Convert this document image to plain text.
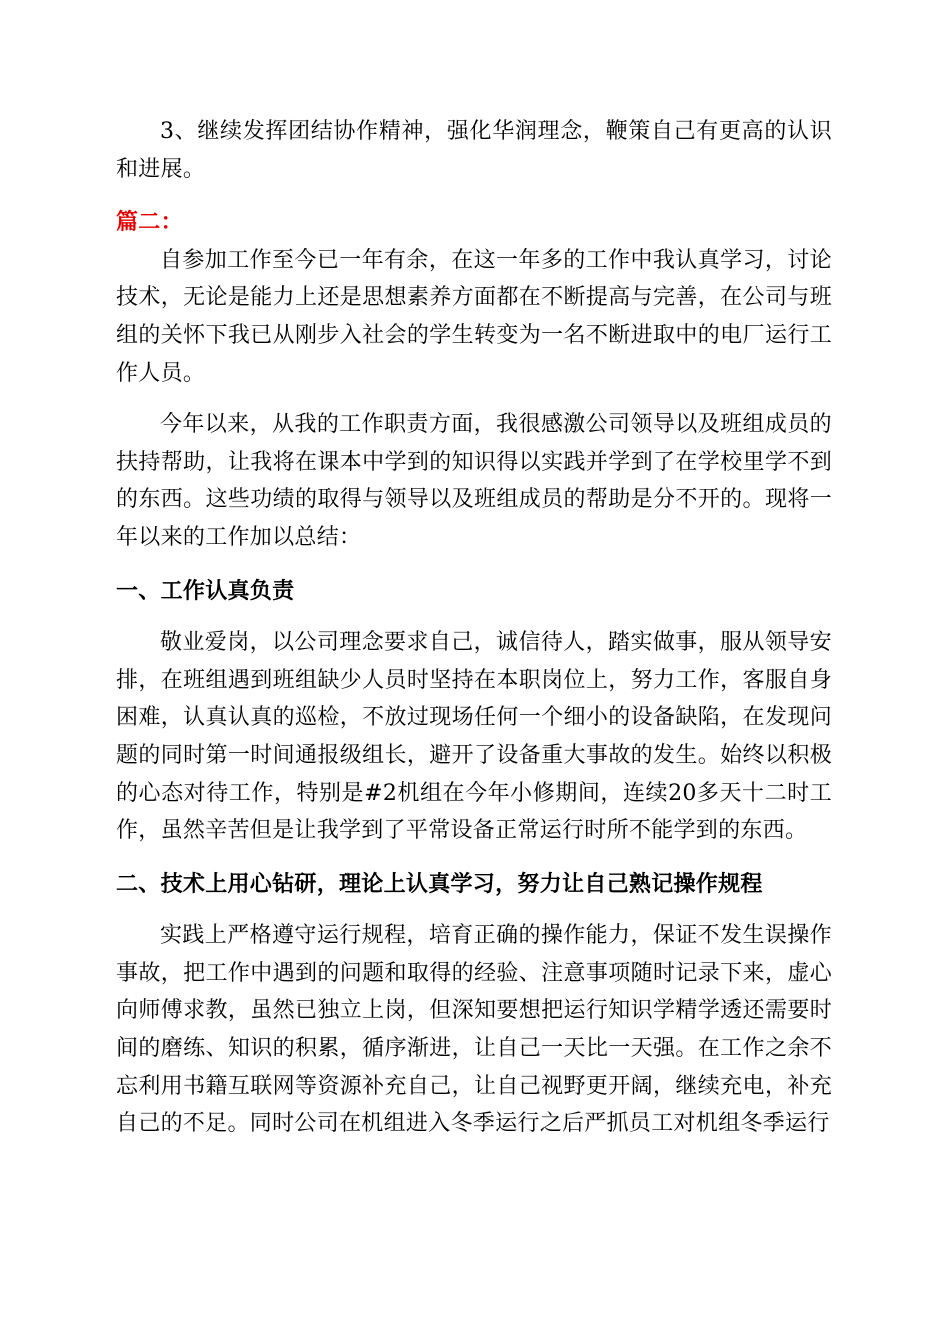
3、继续发挥团结协作精神，强化华润理念，鞭策自己有更高的认识和进展。

篇二：

自参加工作至今已一年有余，在这一年多的工作中我认真学习，讨论技术，无论是能力上还是思想素养方面都在不断提高与完善，在公司与班组的关怀下我已从刚步入社会的学生转变为一名不断进取中的电厂运行工作人员。

今年以来，从我的工作职责方面，我很感激公司领导以及班组成员的扶持帮助，让我将在课本中学到的知识得以实践并学到了在学校里学不到的东西。这些功绩的取得与领导以及班组成员的帮助是分不开的。现将一年以来的工作加以总结：

一、工作认真负责

敬业爱岗，以公司理念要求自己，诚信待人，踏实做事，服从领导安排，在班组遇到班组缺少人员时坚持在本职岗位上，努力工作，客服自身困难，认真认真的巡检，不放过现场任何一个细小的设备缺陷，在发现问题的同时第一时间通报级组长，避开了设备重大事故的发生。始终以积极的心态对待工作，特别是#2机组在今年小修期间，连续20多天十二时工作，虽然辛苦但是让我学到了平常设备正常运行时所不能学到的东西。

二、技术上用心钻研，理论上认真学习，努力让自己熟记操作规程

实践上严格遵守运行规程，培育正确的操作能力，保证不发生误操作事故，把工作中遇到的问题和取得的经验、注意事项随时记录下来，虚心向师傅求教，虽然已独立上岗，但深知要想把运行知识学精学透还需要时间的磨练、知识的积累，循序渐进，让自己一天比一天强。在工作之余不忘利用书籍互联网等资源补充自己，让自己视野更开阔，继续充电，补充自己的不足。同时公司在机组进入冬季运行之后严抓员工对机组冬季运行
